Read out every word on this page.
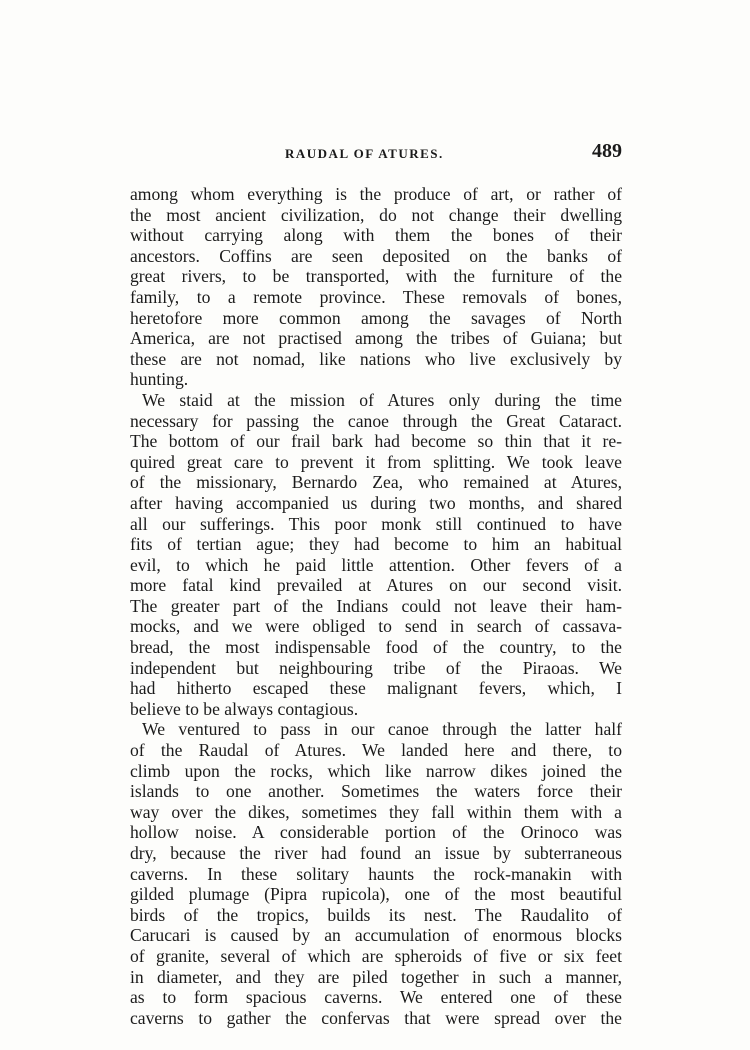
RAUDAL OF ATURES.	489
among whom everything is the produce of art, or rather of
the most ancient civilization, do not change their dwelling
without carrying along with them the bones of their
ancestors. Coffins are seen deposited on the banks of
great rivers, to be transported, with the furniture of the
family, to a remote province. These removals of bones,
heretofore more common among the savages of North
America, are not practised among the tribes of Guiana; but
these are not nomad, like nations who live exclusively by
hunting.
We staid at the mission of Atures only during the time
necessary for passing the canoe through the Great Cataract.
The bottom of our frail bark had become so thin that it re-
quired great care to prevent it from splitting. We took leave
of the missionary, Bernardo Zea, who remained at Atures,
after having accompanied us during two months, and shared
all our sufferings. This poor monk still continued to have
fits of tertian ague; they had become to him an habitual
evil, to which he paid little attention. Other fevers of a
more fatal kind prevailed at Atures on our second visit.
The greater part of the Indians could not leave their ham-
mocks, and we were obliged to send in search of cassava-
bread, the most indispensable food of the country, to the
independent but neighbouring tribe of the Piraoas. We
had hitherto escaped these malignant fevers, which, I
believe to be always contagious.
We ventured to pass in our canoe through the latter half
of the Raudal of Atures. We landed here and there, to
climb upon the rocks, which like narrow dikes joined the
islands to one another. Sometimes the waters force their
way over the dikes, sometimes they fall within them with a
hollow noise. A considerable portion of the Orinoco was
dry, because the river had found an issue by subterraneous
caverns. In these solitary haunts the rock-manakin with
gilded plumage (Pipra rupicola), one of the most beautiful
birds of the tropics, builds its nest. The Raudalito of
Carucari is caused by an accumulation of enormous blocks
of granite, several of which are spheroids of five or six feet
in diameter, and they are piled together in such a manner,
as to form spacious caverns. We entered one of these
caverns to gather the confervas that were spread over the
